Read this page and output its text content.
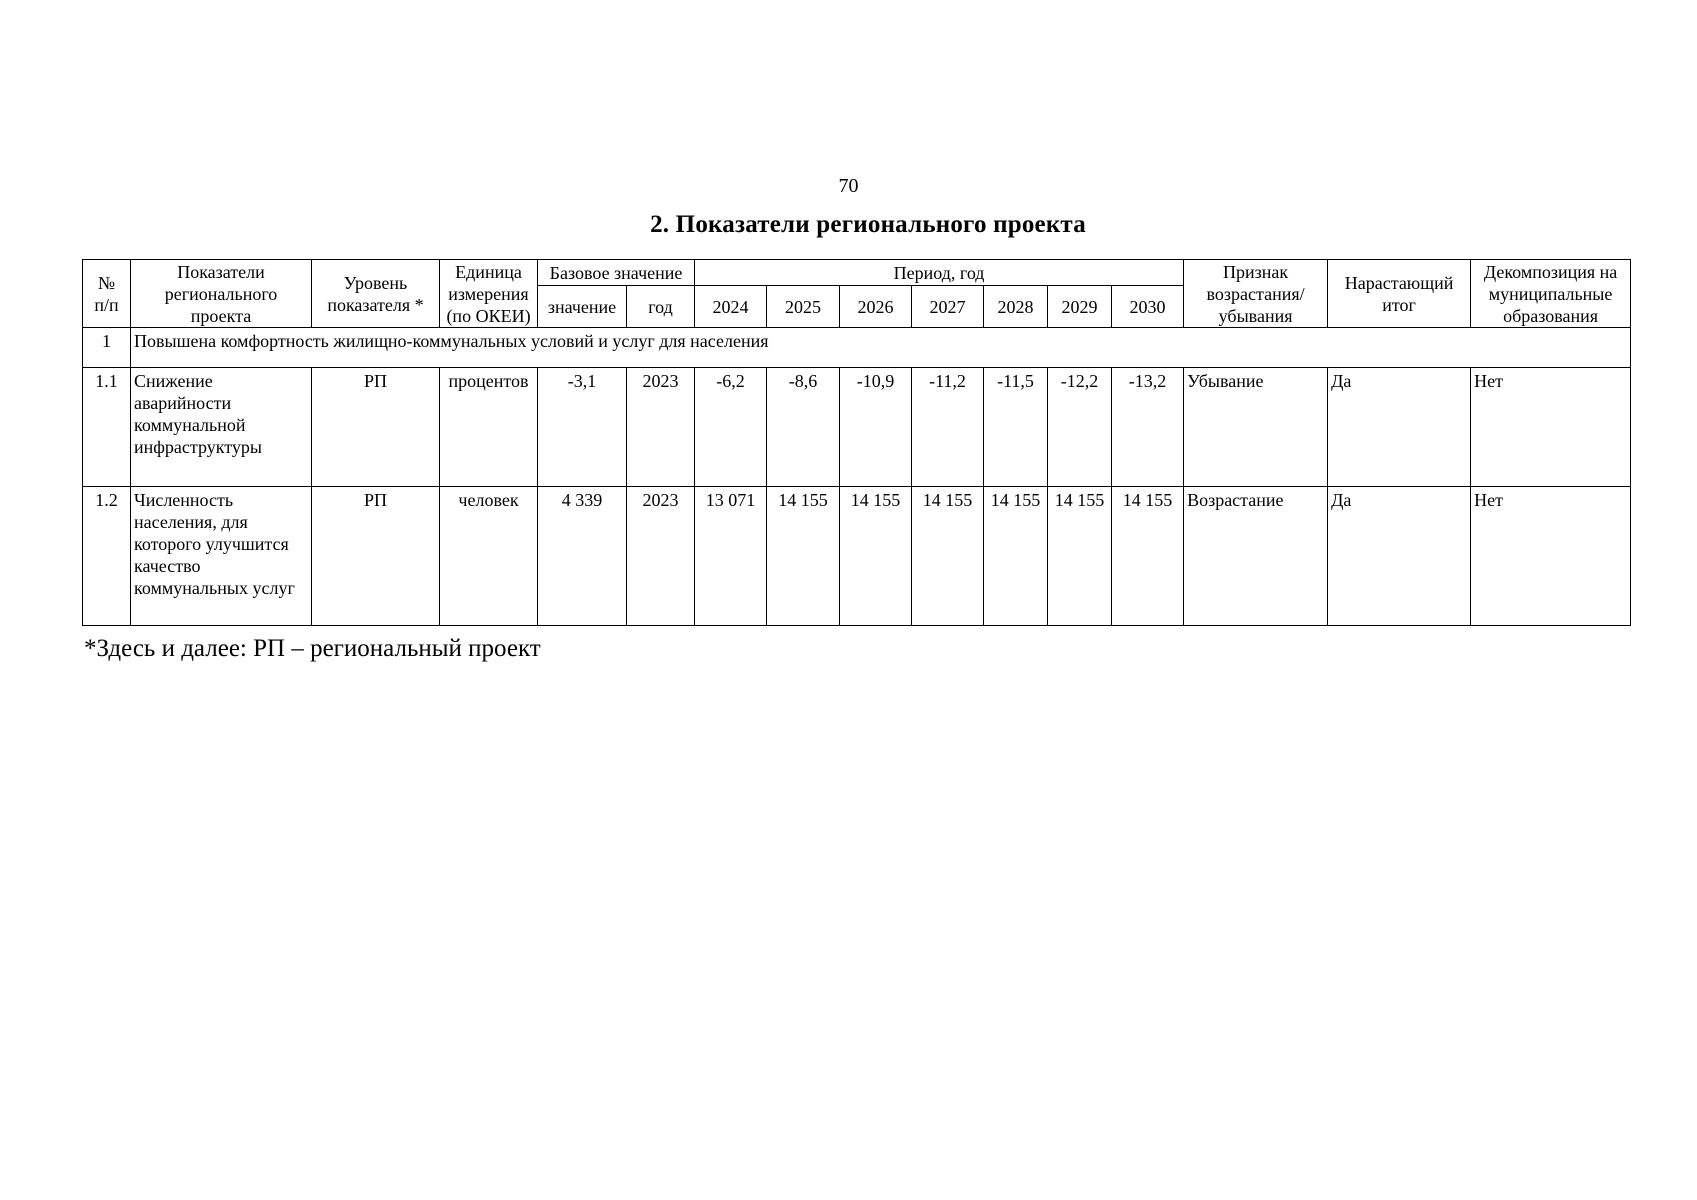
70
2. Показатели регионального проекта
№
п/п	Показатели регионального проекта	Уровень показателя *	Единица измерения (по ОКЕИ)	Базовое значение		Период, год							Признак возрастания/ убывания	Нарастающий итог	Декомпозиция на муниципальные образования
				значение	год	2024	2025	2026	2027	2028	2029	2030			
1	Повышена комфортность жилищно-коммунальных условий и услуг для населения														
1.1	Снижение аварийности коммунальной инфраструктуры	РП	процентов	-3,1	2023	-6,2	-8,6	-10,9	-11,2	-11,5	-12,2	-13,2	Убывание	Да	Нет
1.2	Численность населения, для которого улучшится качество коммунальных услуг	РП	человек	4 339	2023	13 071	14 155	14 155	14 155	14 155	14 155	14 155	Возрастание	Да	Нет
*Здесь и далее: РП – региональный проект
